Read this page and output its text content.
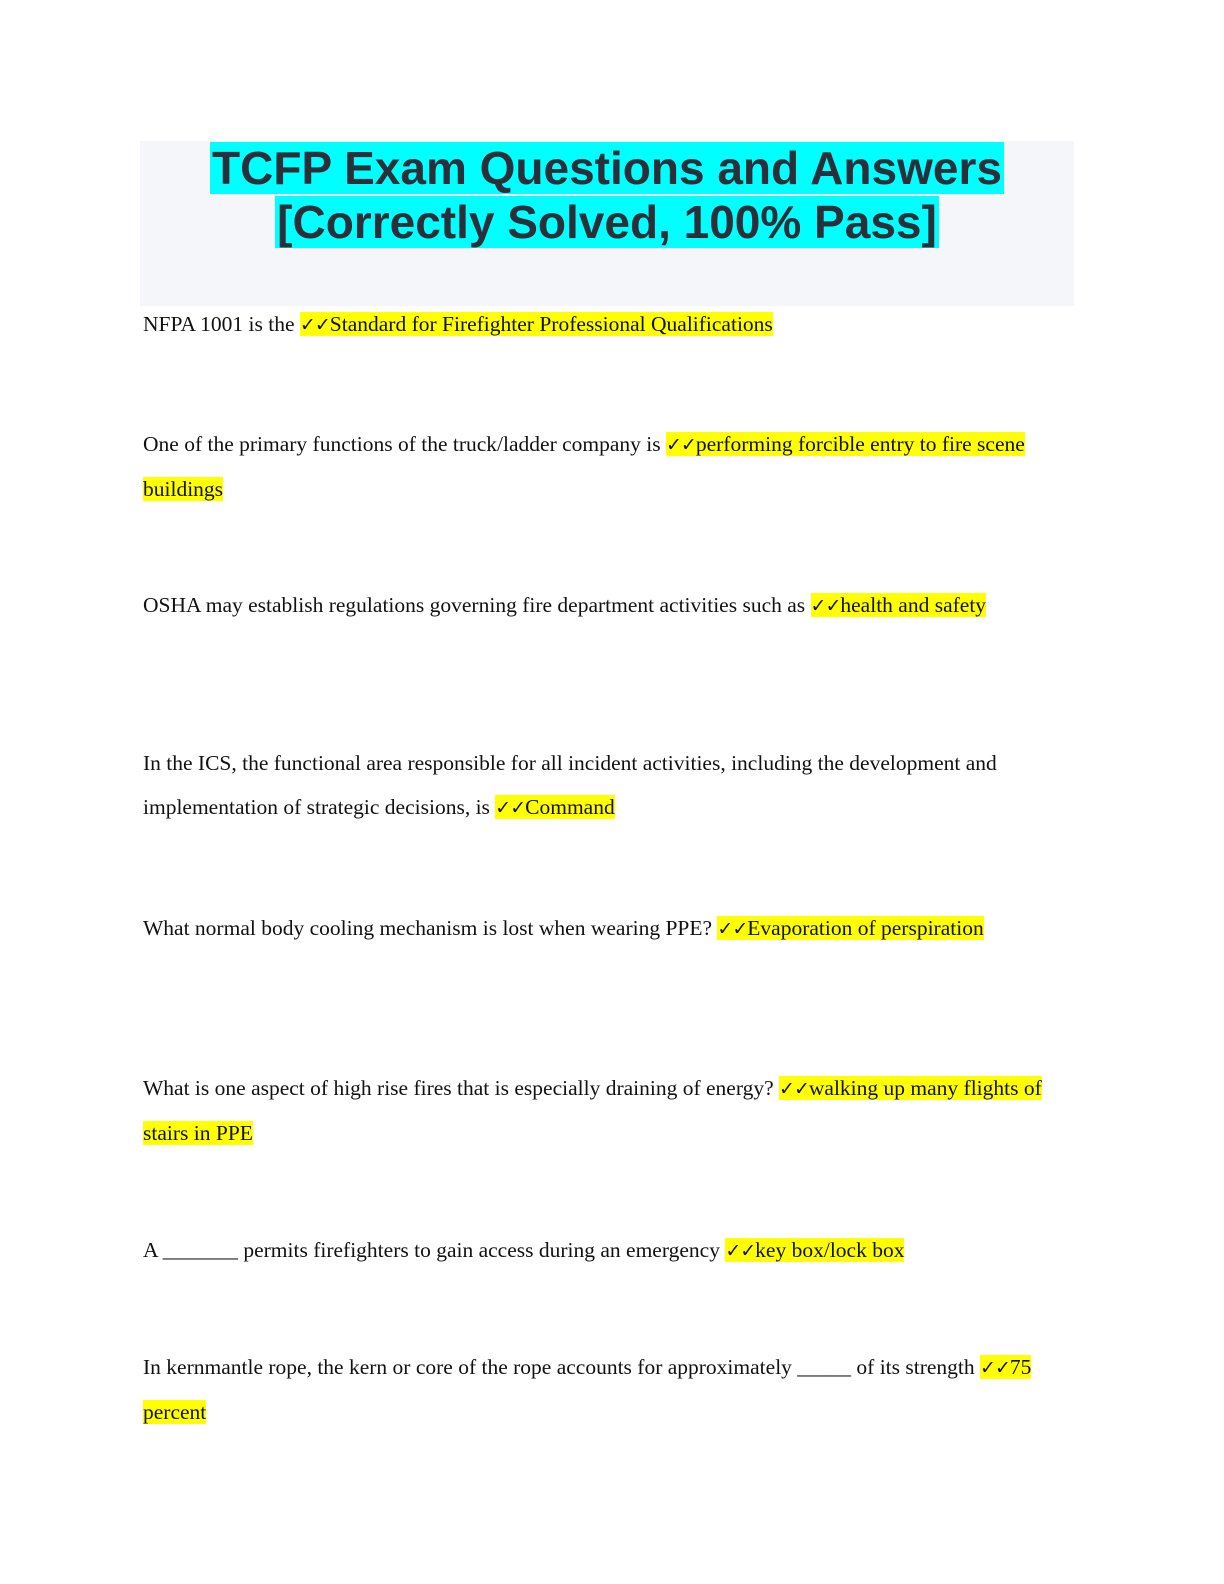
TCFP Exam Questions and Answers
[Correctly Solved, 100% Pass]

NFPA 1001 is the ✓✓Standard for Firefighter Professional Qualifications

One of the primary functions of the truck/ladder company is ✓✓performing forcible entry to fire scene buildings

OSHA may establish regulations governing fire department activities such as ✓✓health and safety

In the ICS, the functional area responsible for all incident activities, including the development and implementation of strategic decisions, is ✓✓Command

What normal body cooling mechanism is lost when wearing PPE? ✓✓Evaporation of perspiration

What is one aspect of high rise fires that is especially draining of energy? ✓✓walking up many flights of stairs in PPE

A _______ permits firefighters to gain access during an emergency ✓✓key box/lock box

In kernmantle rope, the kern or core of the rope accounts for approximately _____ of its strength ✓✓75 percent
